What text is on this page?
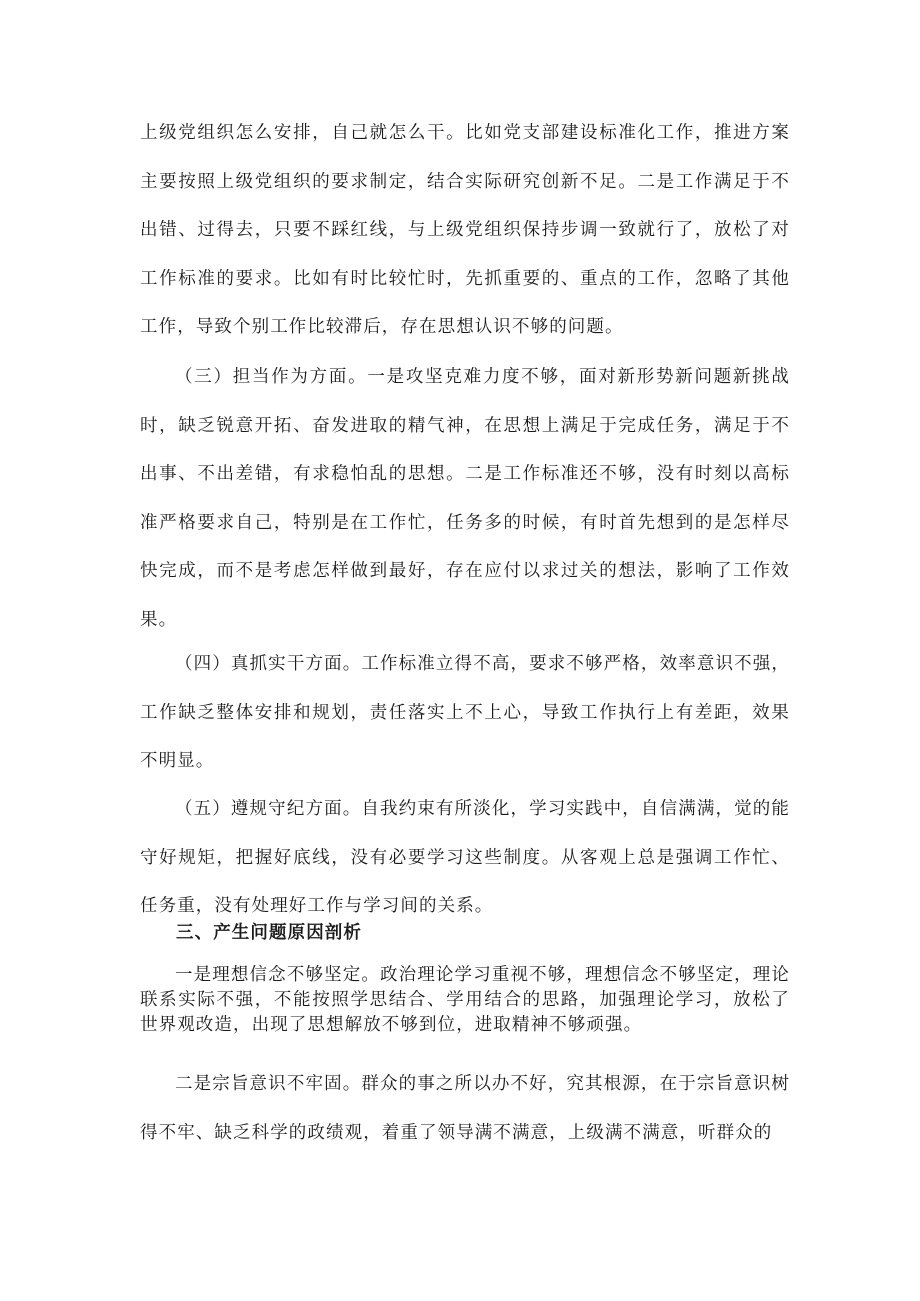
上级党组织怎么安排，自己就怎么干。比如党支部建设标准化工作，推进方案主要按照上级党组织的要求制定，结合实际研究创新不足。二是工作满足于不出错、过得去，只要不踩红线，与上级党组织保持步调一致就行了，放松了对工作标准的要求。比如有时比较忙时，先抓重要的、重点的工作，忽略了其他工作，导致个别工作比较滞后，存在思想认识不够的问题。

（三）担当作为方面。一是攻坚克难力度不够，面对新形势新问题新挑战时，缺乏锐意开拓、奋发进取的精气神，在思想上满足于完成任务，满足于不出事、不出差错，有求稳怕乱的思想。二是工作标准还不够，没有时刻以高标准严格要求自己，特别是在工作忙，任务多的时候，有时首先想到的是怎样尽快完成，而不是考虑怎样做到最好，存在应付以求过关的想法，影响了工作效果。

（四）真抓实干方面。工作标准立得不高，要求不够严格，效率意识不强，工作缺乏整体安排和规划，责任落实上不上心，导致工作执行上有差距，效果不明显。

（五）遵规守纪方面。自我约束有所淡化，学习实践中，自信满满，觉的能守好规矩，把握好底线，没有必要学习这些制度。从客观上总是强调工作忙、任务重，没有处理好工作与学习间的关系。

三、产生问题原因剖析

一是理想信念不够坚定。政治理论学习重视不够，理想信念不够坚定，理论联系实际不强，不能按照学思结合、学用结合的思路，加强理论学习，放松了世界观改造，出现了思想解放不够到位，进取精神不够顽强。

二是宗旨意识不牢固。群众的事之所以办不好，究其根源，在于宗旨意识树得不牢、缺乏科学的政绩观，着重了领导满不满意，上级满不满意，听群众的
